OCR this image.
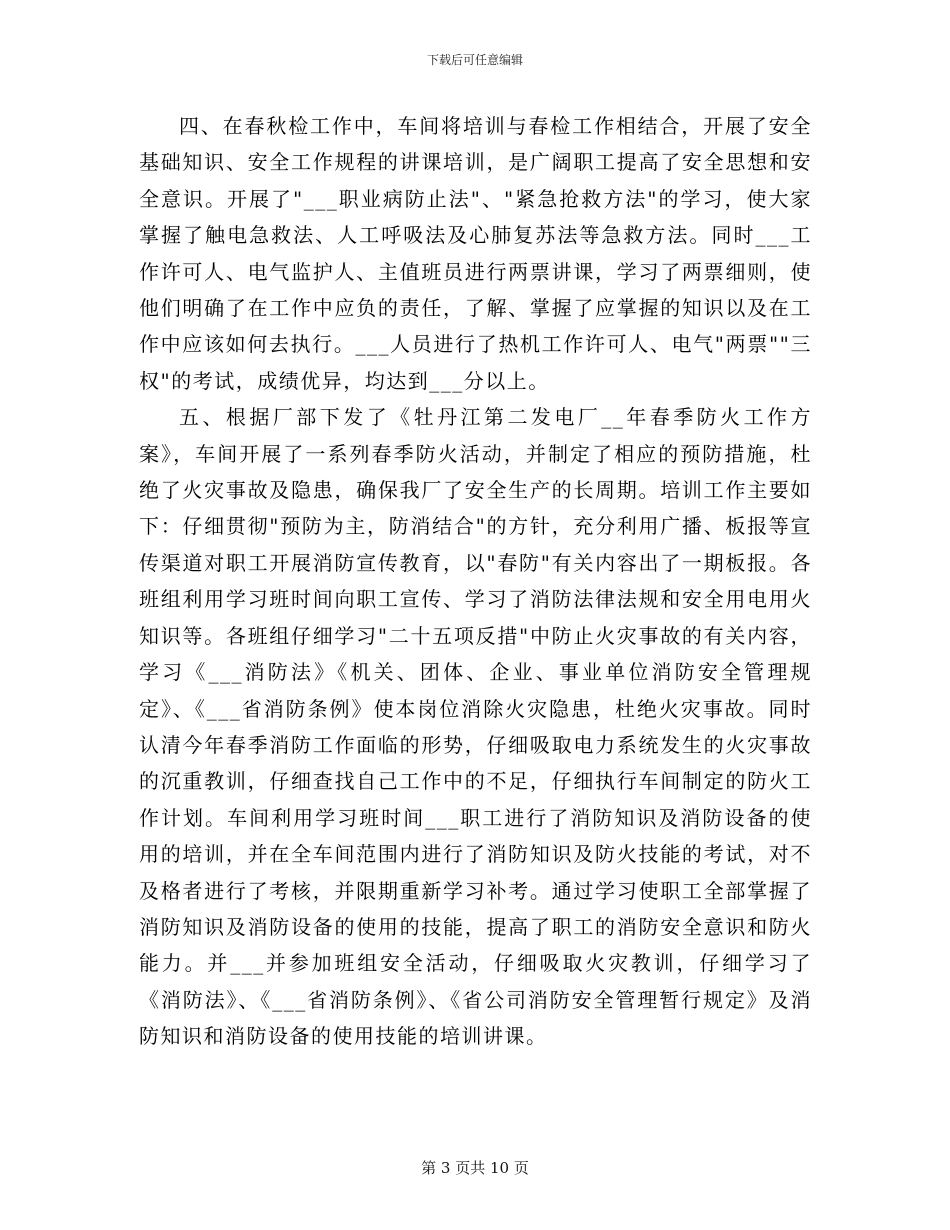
下载后可任意编辑

四、在春秋检工作中，车间将培训与春检工作相结合，开展了安全基础知识、安全工作规程的讲课培训，是广阔职工提高了安全思想和安全意识。开展了"___职业病防止法"、"紧急抢救方法"的学习，使大家掌握了触电急救法、人工呼吸法及心肺复苏法等急救方法。同时___工作许可人、电气监护人、主值班员进行两票讲课，学习了两票细则，使他们明确了在工作中应负的责任，了解、掌握了应掌握的知识以及在工作中应该如何去执行。___人员进行了热机工作许可人、电气"两票""三权"的考试，成绩优异，均达到___分以上。

五、根据厂部下发了《牡丹江第二发电厂__年春季防火工作方案》，车间开展了一系列春季防火活动，并制定了相应的预防措施，杜绝了火灾事故及隐患，确保我厂了安全生产的长周期。培训工作主要如下：仔细贯彻"预防为主，防消结合"的方针，充分利用广播、板报等宣传渠道对职工开展消防宣传教育，以"春防"有关内容出了一期板报。各班组利用学习班时间向职工宣传、学习了消防法律法规和安全用电用火知识等。各班组仔细学习"二十五项反措"中防止火灾事故的有关内容，学习《___消防法》《机关、团体、企业、事业单位消防安全管理规定》、《___省消防条例》使本岗位消除火灾隐患，杜绝火灾事故。同时认清今年春季消防工作面临的形势，仔细吸取电力系统发生的火灾事故的沉重教训，仔细查找自己工作中的不足，仔细执行车间制定的防火工作计划。车间利用学习班时间___职工进行了消防知识及消防设备的使用的培训，并在全车间范围内进行了消防知识及防火技能的考试，对不及格者进行了考核，并限期重新学习补考。通过学习使职工全部掌握了消防知识及消防设备的使用的技能，提高了职工的消防安全意识和防火能力。并___并参加班组安全活动，仔细吸取火灾教训，仔细学习了《消防法》、《___省消防条例》、《省公司消防安全管理暂行规定》及消防知识和消防设备的使用技能的培训讲课。

第 3 页共 10 页
